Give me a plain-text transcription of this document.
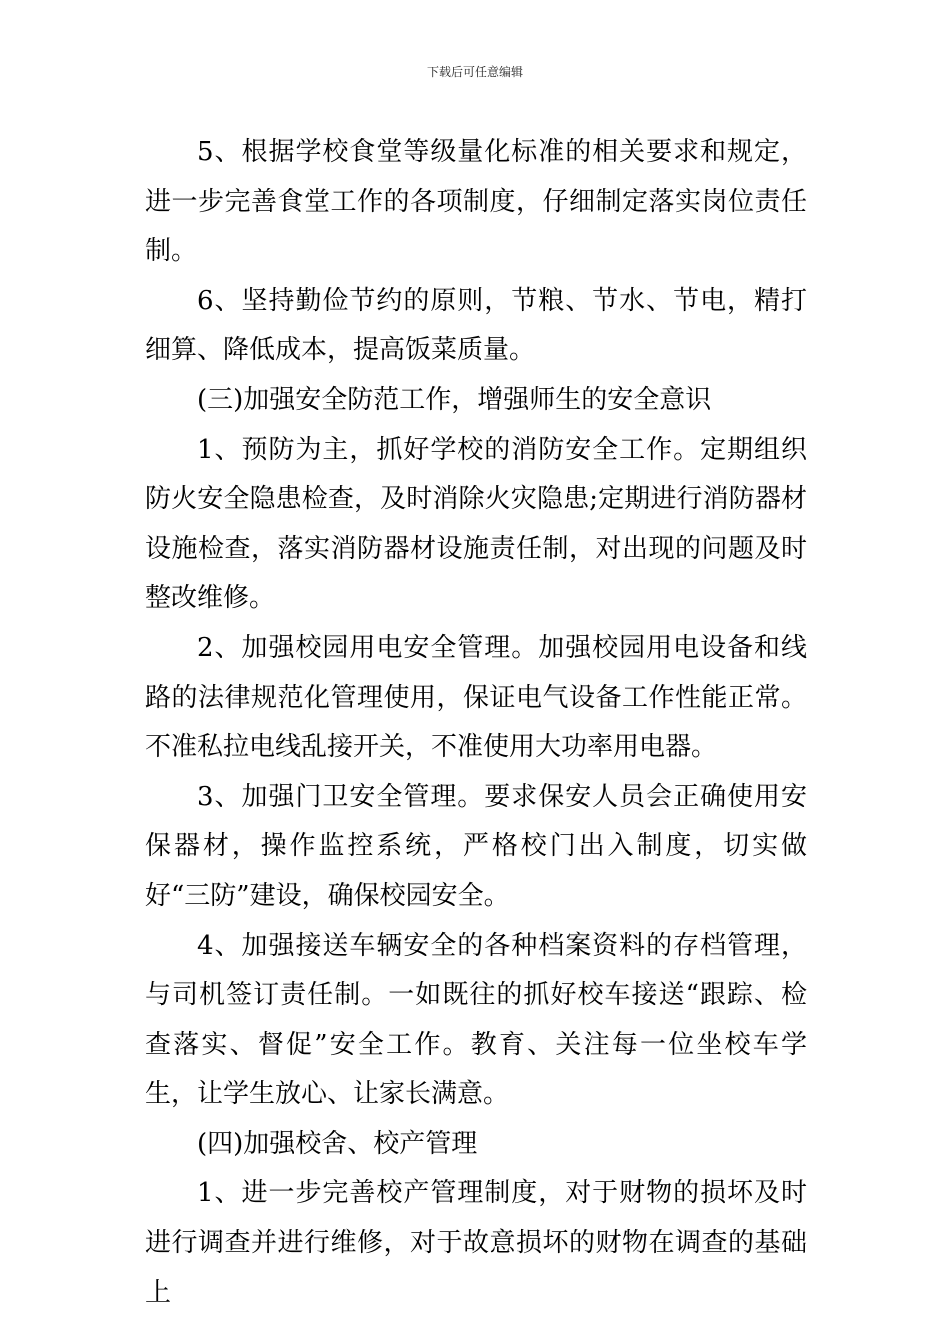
下载后可任意编辑

5、根据学校食堂等级量化标准的相关要求和规定，进一步完善食堂工作的各项制度，仔细制定落实岗位责任制。

6、坚持勤俭节约的原则，节粮、节水、节电，精打细算、降低成本，提高饭菜质量。

(三)加强安全防范工作，增强师生的安全意识

1、预防为主，抓好学校的消防安全工作。定期组织防火安全隐患检查，及时消除火灾隐患;定期进行消防器材设施检查，落实消防器材设施责任制，对出现的问题及时整改维修。

2、加强校园用电安全管理。加强校园用电设备和线路的法律规范化管理使用，保证电气设备工作性能正常。不准私拉电线乱接开关，不准使用大功率用电器。

3、加强门卫安全管理。要求保安人员会正确使用安保器材，操作监控系统，严格校门出入制度，切实做好“三防”建设，确保校园安全。

4、加强接送车辆安全的各种档案资料的存档管理，与司机签订责任制。一如既往的抓好校车接送“跟踪、检查落实、督促”安全工作。教育、关注每一位坐校车学生，让学生放心、让家长满意。

(四)加强校舍、校产管理

1、进一步完善校产管理制度，对于财物的损坏及时进行调查并进行维修，对于故意损坏的财物在调查的基础上
